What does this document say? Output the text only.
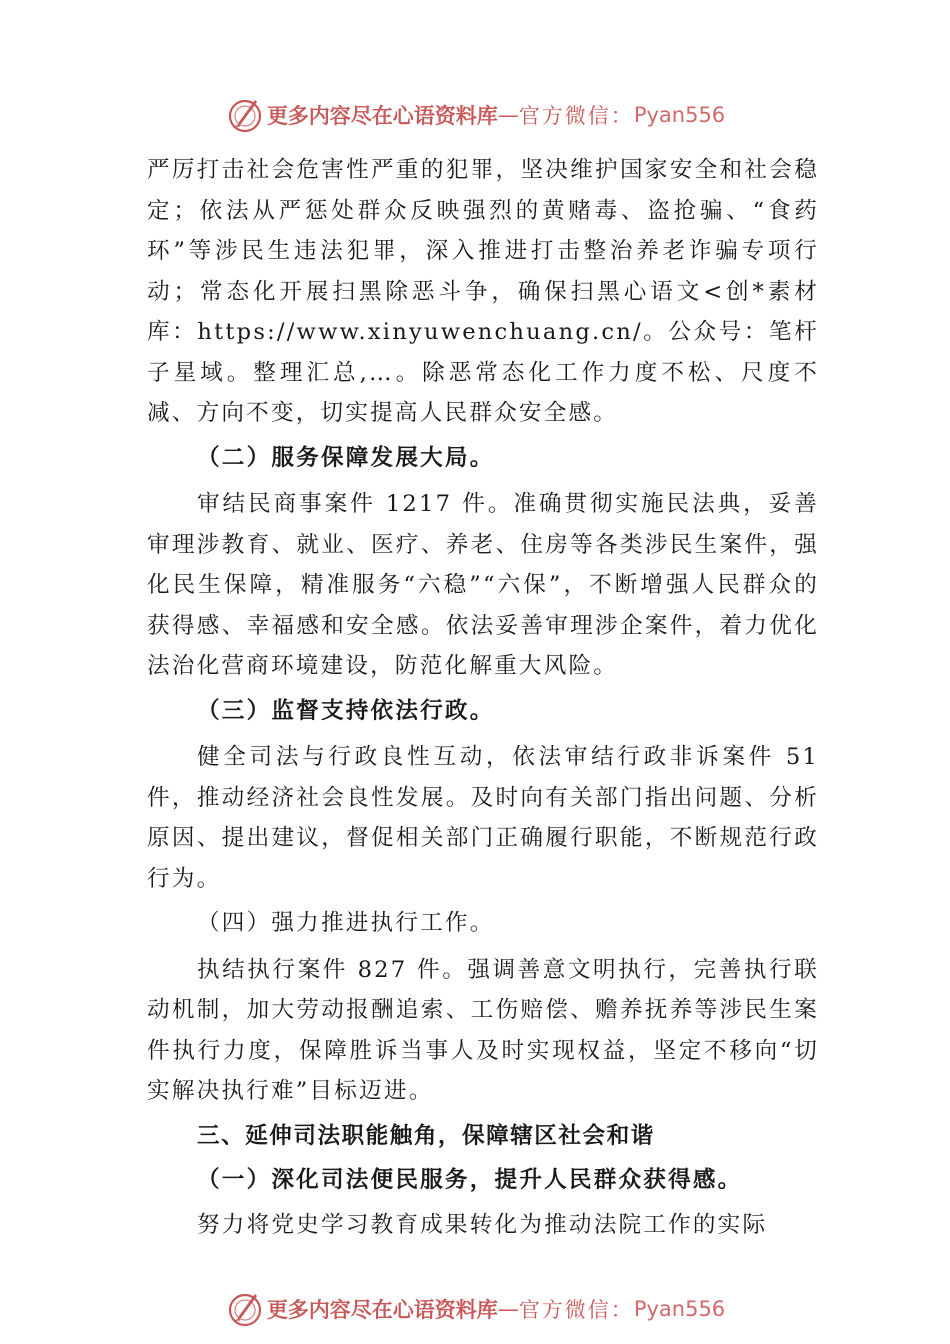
更多内容尽在心语资料库 — 官方微信： Pyan556

严厉打击社会危害性严重的犯罪，坚决维护国家安全和社会稳定；依法从严惩处群众反映强烈的黄赌毒、盗抢骗、“食药环”等涉民生违法犯罪，深入推进打击整治养老诈骗专项行动；常态化开展扫黑除恶斗争，确保扫黑心语文<创*素材库：https://www.xinyuwenchuang.cn/。公众号：笔杆子星域。整理汇总,…。除恶常态化工作力度不松、尺度不减、方向不变，切实提高人民群众安全感。

（二）服务保障发展大局。

审结民商事案件 1217 件。准确贯彻实施民法典，妥善审理涉教育、就业、医疗、养老、住房等各类涉民生案件，强化民生保障，精准服务“六稳”“六保”，不断增强人民群众的获得感、幸福感和安全感。依法妥善审理涉企案件，着力优化法治化营商环境建设，防范化解重大风险。

（三）监督支持依法行政。

健全司法与行政良性互动，依法审结行政非诉案件 51 件，推动经济社会良性发展。及时向有关部门指出问题、分析原因、提出建议，督促相关部门正确履行职能，不断规范行政行为。

（四）强力推进执行工作。

执结执行案件 827 件。强调善意文明执行，完善执行联动机制，加大劳动报酬追索、工伤赔偿、赡养抚养等涉民生案件执行力度，保障胜诉当事人及时实现权益，坚定不移向“切实解决执行难”目标迈进。

三、延伸司法职能触角，保障辖区社会和谐

（一）深化司法便民服务，提升人民群众获得感。

努力将党史学习教育成果转化为推动法院工作的实际

更多内容尽在心语资料库 — 官方微信： Pyan556
